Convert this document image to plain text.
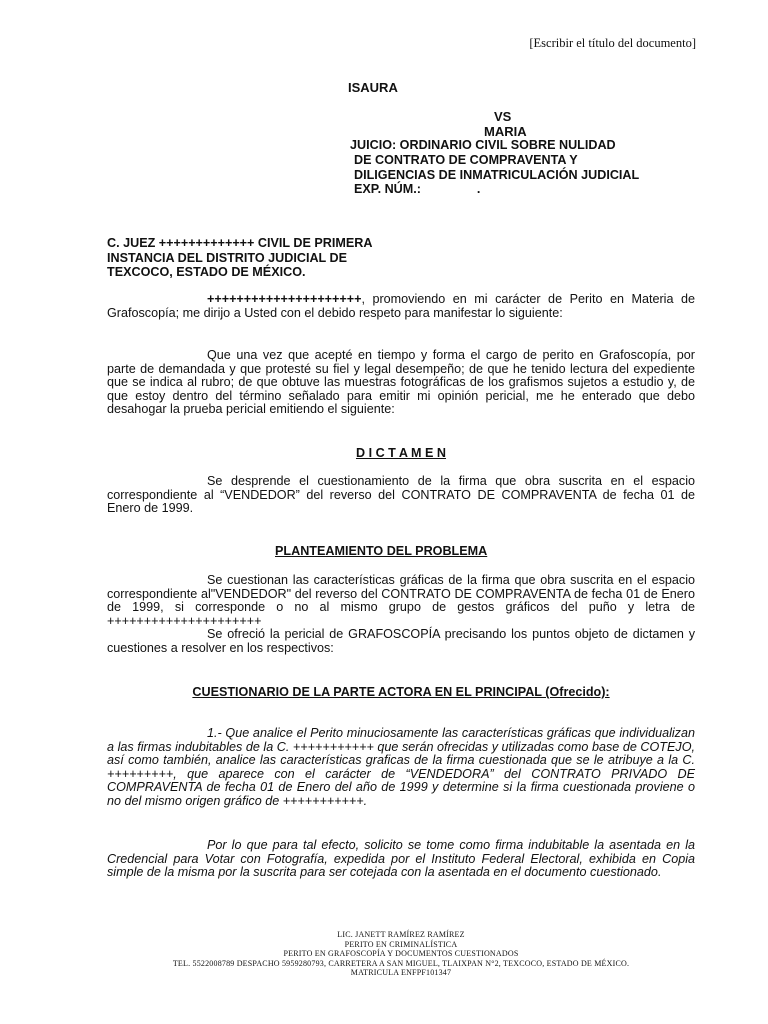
[Escribir el título del documento]
ISAURA
VS
MARIA
JUICIO: ORDINARIO CIVIL SOBRE NULIDAD
DE CONTRATO DE COMPRAVENTA Y
DILIGENCIAS DE INMATRICULACIÓN JUDICIAL
EXP. NÚM.:                .
C. JUEZ +++++++++++++ CIVIL DE PRIMERA
INSTANCIA DEL DISTRITO JUDICIAL DE
TEXCOCO, ESTADO DE MÉXICO.

+++++++++++++++++++++, promoviendo en mi carácter de Perito en Materia de Grafoscopía; me dirijo a Usted con el debido respeto para manifestar lo siguiente:

Que una vez que acepté en tiempo y forma el cargo de perito en Grafoscopía, por parte de demandada y que protesté su fiel y legal desempeño; de que he tenido lectura del expediente que se indica al rubro; de que obtuve las muestras fotográficas de los grafismos sujetos a estudio y, de que estoy dentro del término señalado para emitir mi opinión pericial, me he enterado que debo desahogar la prueba pericial emitiendo el siguiente:

D I C T A M E N

Se desprende el cuestionamiento de la firma que obra suscrita en el espacio correspondiente al “VENDEDOR” del reverso del CONTRATO DE COMPRAVENTA de fecha 01 de Enero de 1999.

PLANTEAMIENTO DEL PROBLEMA

Se cuestionan las características gráficas de la firma que obra suscrita en el espacio correspondiente al"VENDEDOR" del reverso del CONTRATO DE COMPRAVENTA de fecha 01 de Enero de 1999, si corresponde o no al mismo grupo de gestos gráficos del puño y letra de +++++++++++++++++++++

Se ofreció la pericial de GRAFOSCOPÍA precisando los puntos objeto de dictamen y cuestiones a resolver en los respectivos:

CUESTIONARIO DE LA PARTE ACTORA EN EL PRINCIPAL (Ofrecido):

1.- Que analice el Perito minuciosamente las características gráficas que individualizan a las firmas indubitables de la C. +++++++++++ que serán ofrecidas y utilizadas como base de COTEJO, así como también, analice las características graficas de la firma cuestionada que se le atribuye a la C. +++++++++, que aparece con el carácter de “VENDEDORA” del CONTRATO PRIVADO DE COMPRAVENTA de fecha 01 de Enero del año de 1999 y determine si la firma cuestionada proviene o no del mismo origen gráfico de +++++++++++.

Por lo que para tal efecto, solicito se tome como firma indubitable la asentada en la Credencial para Votar con Fotografía, expedida por el Instituto Federal Electoral, exhibida en Copia simple de la misma por la suscrita para ser cotejada con la asentada en el documento cuestionado.

LIC. JANETT RAMÍREZ RAMÍREZ
PERITO EN CRIMINALÍSTICA
PERITO EN GRAFOSCOPÍA Y DOCUMENTOS CUESTIONADOS
TEL. 5522008789 DESPACHO 5959280793, CARRETERA A SAN MIGUEL, TLAIXPAN N°2, TEXCOCO, ESTADO DE MÉXICO.
MATRICULA ENFPF101347
